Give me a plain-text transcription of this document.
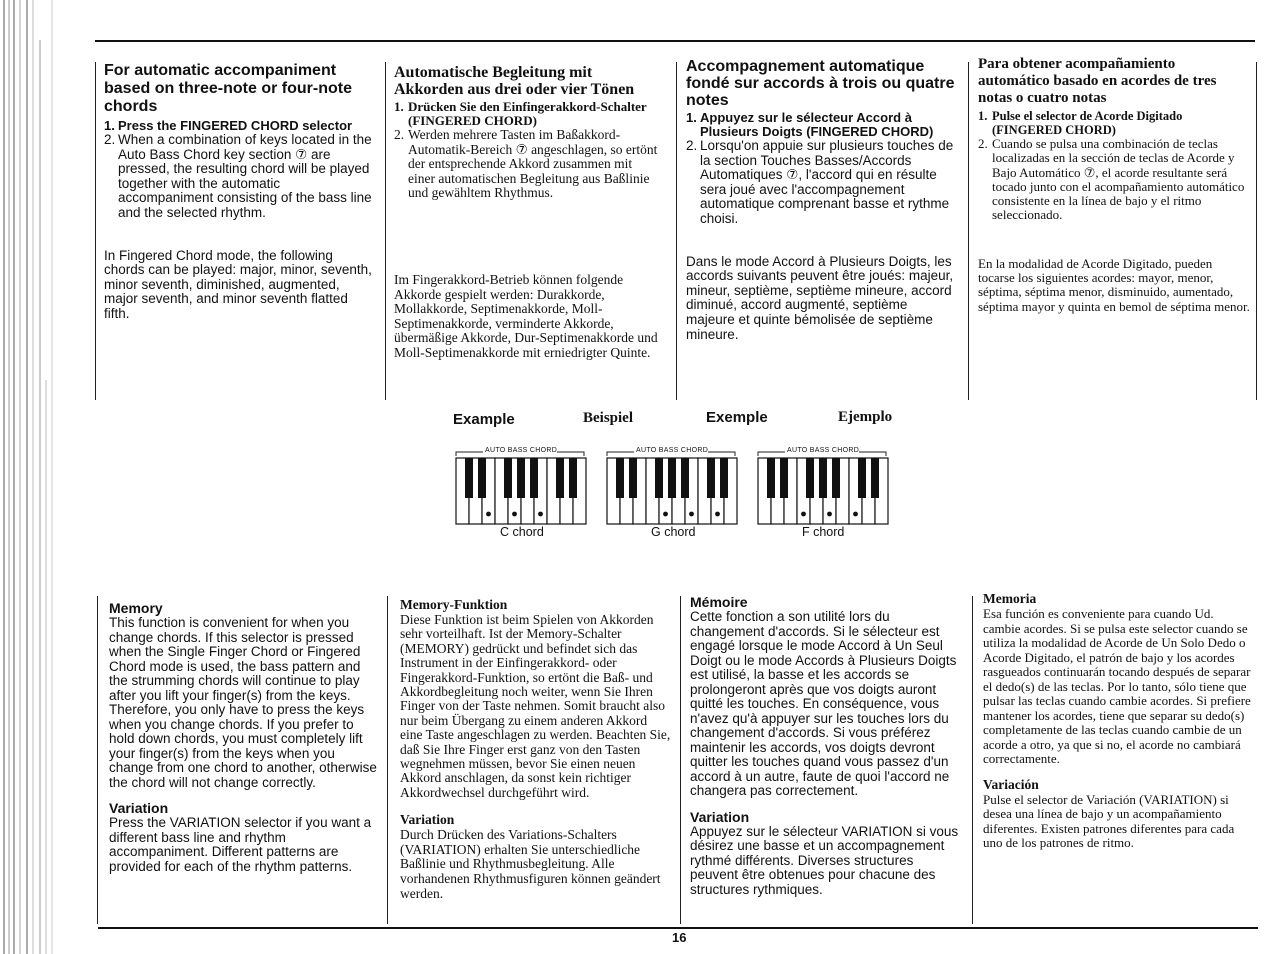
For automatic accompaniment based on three-note or four-note chords
1. Press the FINGERED CHORD selector
2. When a combination of keys located in the Auto Bass Chord key section ⑦ are pressed, the resulting chord will be played together with the automatic accompaniment consisting of the bass line and the selected rhythm.

In Fingered Chord mode, the following chords can be played: major, minor, seventh, minor seventh, diminished, augmented, major seventh, and minor seventh flatted fifth.

Automatische Begleitung mit Akkorden aus drei oder vier Tönen
1. Drücken Sie den Einfingerakkord-Schalter (FINGERED CHORD)
2. Werden mehrere Tasten im Baßakkord-Automatik-Bereich ⑦ angeschlagen, so ertönt der entsprechende Akkord zusammen mit einer automatischen Begleitung aus Baßlinie und gewähltem Rhythmus.

Im Fingerakkord-Betrieb können folgende Akkorde gespielt werden: Durakkorde, Mollakkorde, Septimenakkorde, Moll-Septimenakkorde, verminderte Akkorde, übermäßige Akkorde, Dur-Septimenakkorde und Moll-Septimenakkorde mit erniedrigter Quinte.

Accompagnement automatique fondé sur accords à trois ou quatre notes
1. Appuyez sur le sélecteur Accord à Plusieurs Doigts (FINGERED CHORD)
2. Lorsqu'on appuie sur plusieurs touches de la section Touches Basses/Accords Automatiques ⑦, l'accord qui en résulte sera joué avec l'accompagnement automatique comprenant basse et rythme choisi.

Dans le mode Accord à Plusieurs Doigts, les accords suivants peuvent être joués: majeur, mineur, septième, septième mineure, accord diminué, accord augmenté, septième majeure et quinte bémolisée de septième mineure.

Para obtener acompañamiento automático basado en acordes de tres notas o cuatro notas
1. Pulse el selector de Acorde Digitado (FINGERED CHORD)
2. Cuando se pulsa una combinación de teclas localizadas en la sección de teclas de Acorde y Bajo Automático ⑦, el acorde resultante será tocado junto con el acompañamiento automático consistente en la línea de bajo y el ritmo seleccionado.

En la modalidad de Acorde Digitado, pueden tocarse los siguientes acordes: mayor, menor, séptima, séptima menor, disminuido, aumentado, séptima mayor y quinta en bemol de séptima menor.

Example	Beispiel	Exemple	Ejemplo
AUTO BASS CHORD
C chord
AUTO BASS CHORD
G chord
AUTO BASS CHORD
F chord

Memory

This function is convenient for when you change chords. If this selector is pressed when the Single Finger Chord or Fingered Chord mode is used, the bass pattern and the strumming chords will continue to play after you lift your finger(s) from the keys. Therefore, you only have to press the keys when you change chords. If you prefer to hold down chords, you must completely lift your finger(s) from the keys when you change from one chord to another, otherwise the chord will not change correctly.

Variation

Press the VARIATION selector if you want a different bass line and rhythm accompaniment. Different patterns are provided for each of the rhythm patterns.

Memory-Funktion

Diese Funktion ist beim Spielen von Akkorden sehr vorteilhaft. Ist der Memory-Schalter (MEMORY) gedrückt und befindet sich das Instrument in der Einfingerakkord- oder Fingerakkord-Funktion, so ertönt die Baß- und Akkordbegleitung noch weiter, wenn Sie Ihren Finger von der Taste nehmen. Somit braucht also nur beim Übergang zu einem anderen Akkord eine Taste angeschlagen zu werden. Beachten Sie, daß Sie Ihre Finger erst ganz von den Tasten wegnehmen müssen, bevor Sie einen neuen Akkord anschlagen, da sonst kein richtiger Akkordwechsel durchgeführt wird.

Variation

Durch Drücken des Variations-Schalters (VARIATION) erhalten Sie unterschiedliche Baßlinie und Rhythmusbegleitung. Alle vorhandenen Rhythmusfiguren können geändert werden.

Mémoire

Cette fonction a son utilité lors du changement d'accords. Si le sélecteur est engagé lorsque le mode Accord à Un Seul Doigt ou le mode Accords à Plusieurs Doigts est utilisé, la basse et les accords se prolongeront après que vos doigts auront quitté les touches. En conséquence, vous n'avez qu'à appuyer sur les touches lors du changement d'accords. Si vous préférez maintenir les accords, vos doigts devront quitter les touches quand vous passez d'un accord à un autre, faute de quoi l'accord ne changera pas correctement.

Variation

Appuyez sur le sélecteur VARIATION si vous désirez une basse et un accompagnement rythmé différents. Diverses structures peuvent être obtenues pour chacune des structures rythmiques.

Memoria

Esa función es conveniente para cuando Ud. cambie acordes. Si se pulsa este selector cuando se utiliza la modalidad de Acorde de Un Solo Dedo o Acorde Digitado, el patrón de bajo y los acordes rasgueados continuarán tocando después de separar el dedo(s) de las teclas. Por lo tanto, sólo tiene que pulsar las teclas cuando cambie acordes. Si prefiere mantener los acordes, tiene que separar su dedo(s) completamente de las teclas cuando cambie de un acorde a otro, ya que si no, el acorde no cambiará correctamente.

Variación

Pulse el selector de Variación (VARIATION) si desea una línea de bajo y un acompañamiento diferentes. Existen patrones diferentes para cada uno de los patrones de ritmo.

16
